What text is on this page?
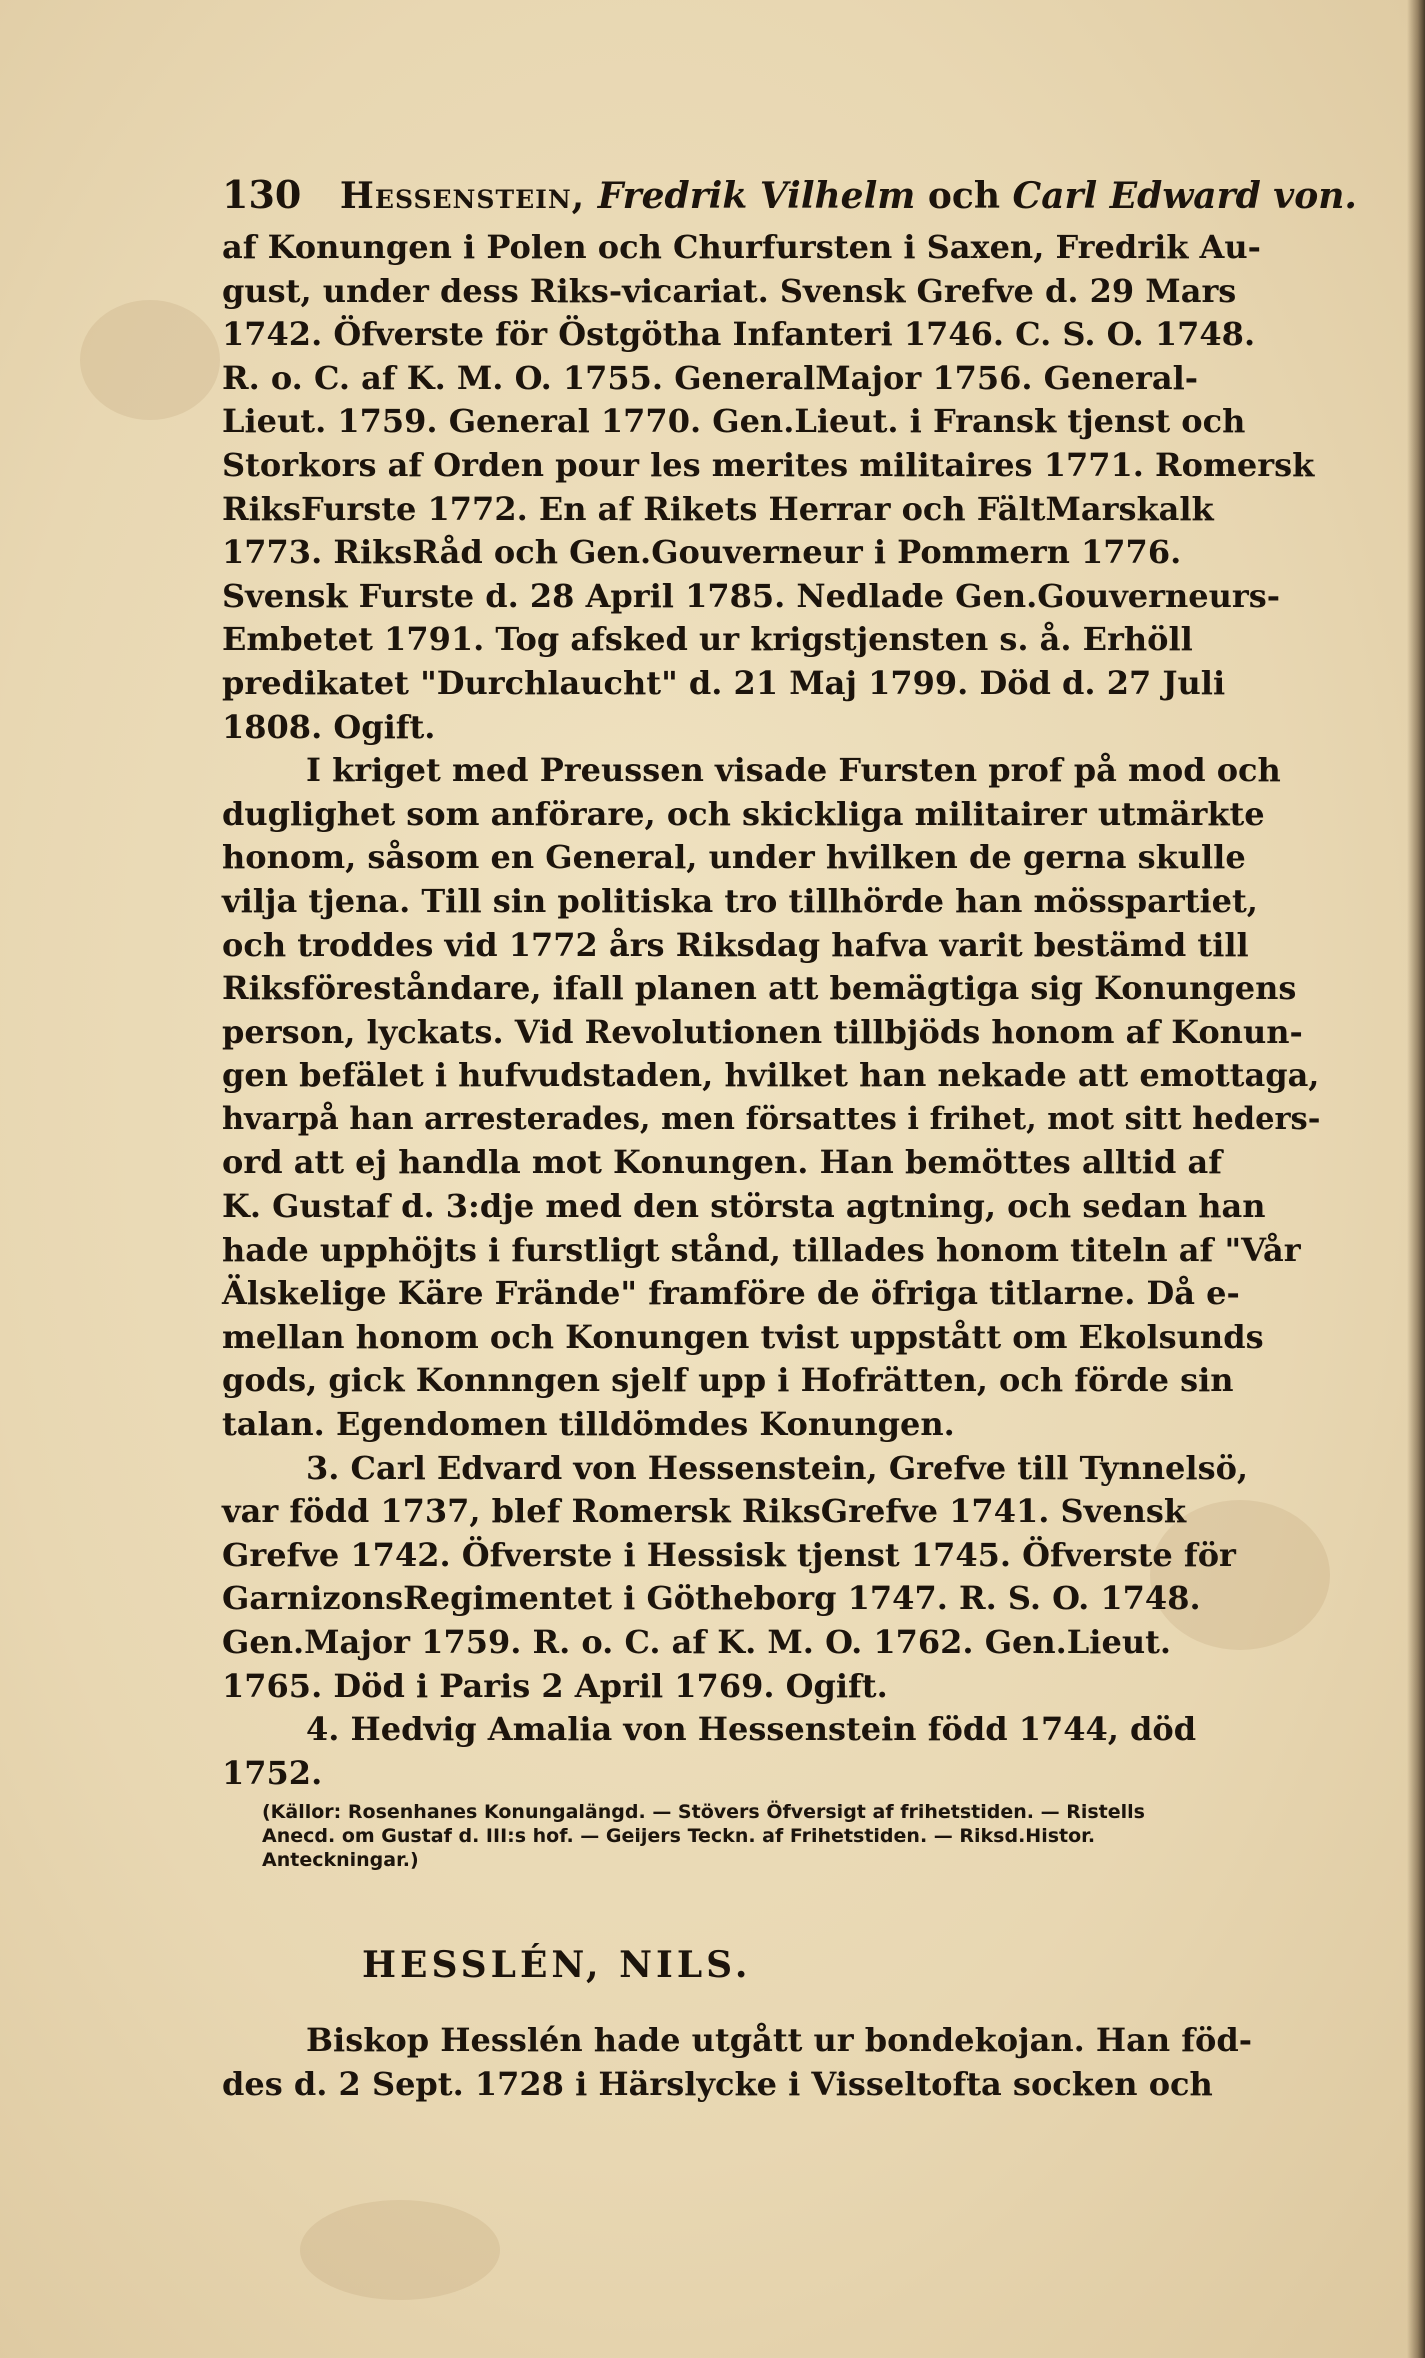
130 Hessenstein, Fredrik Vilhelm och Carl Edward von.
af Konungen i Polen och Churfursten i Saxen, Fredrik Au-
gust, under dess Riks-vicariat. Svensk Grefve d. 29 Mars
1742. Öfverste för Östgötha Infanteri 1746. C. S. O. 1748.
R. o. C. af K. M. O. 1755. GeneralMajor 1756. General-
Lieut. 1759. General 1770. Gen.Lieut. i Fransk tjenst och
Storkors af Orden pour les merites militaires 1771. Romersk
RiksFurste 1772. En af Rikets Herrar och FältMarskalk
1773. RiksRåd och Gen.Gouverneur i Pommern 1776.
Svensk Furste d. 28 April 1785. Nedlade Gen.Gouverneurs-
Embetet 1791. Tog afsked ur krigstjensten s. å. Erhöll
predikatet "Durchlaucht" d. 21 Maj 1799. Död d. 27 Juli
1808. Ogift.
I kriget med Preussen visade Fursten prof på mod och
duglighet som anförare, och skickliga militairer utmärkte
honom, såsom en General, under hvilken de gerna skulle
vilja tjena. Till sin politiska tro tillhörde han mösspartiet,
och troddes vid 1772 års Riksdag hafva varit bestämd till
Riksföreståndare, ifall planen att bemägtiga sig Konungens
person, lyckats. Vid Revolutionen tillbjöds honom af Konun-
gen befälet i hufvudstaden, hvilket han nekade att emottaga,
hvarpå han arresterades, men försattes i frihet, mot sitt heders-
ord att ej handla mot Konungen. Han bemöttes alltid af
K. Gustaf d. 3:dje med den största agtning, och sedan han
hade upphöjts i furstligt stånd, tillades honom titeln af "Vår
Älskelige Käre Frände" framföre de öfriga titlarne. Då e-
mellan honom och Konungen tvist uppstått om Ekolsunds
gods, gick Konnngen sjelf upp i Hofrätten, och förde sin
talan. Egendomen tilldömdes Konungen.
3. Carl Edvard von Hessenstein, Grefve till Tynnelsö,
var född 1737, blef Romersk RiksGrefve 1741. Svensk
Grefve 1742. Öfverste i Hessisk tjenst 1745. Öfverste för
GarnizonsRegimentet i Götheborg 1747. R. S. O. 1748.
Gen.Major 1759. R. o. C. af K. M. O. 1762. Gen.Lieut.
1765. Död i Paris 2 April 1769. Ogift.
4. Hedvig Amalia von Hessenstein född 1744, död
1752.
(Källor: Rosenhanes Konungalängd. — Stövers Öfversigt af frihetstiden. — Ristells
Anecd. om Gustaf d. III:s hof. — Geijers Teckn. af Frihetstiden. — Riksd.Histor.
Anteckningar.)
HESSLÉN, NILS.
Biskop Hesslén hade utgått ur bondekojan. Han föd-
des d. 2 Sept. 1728 i Härslycke i Visseltofta socken och
